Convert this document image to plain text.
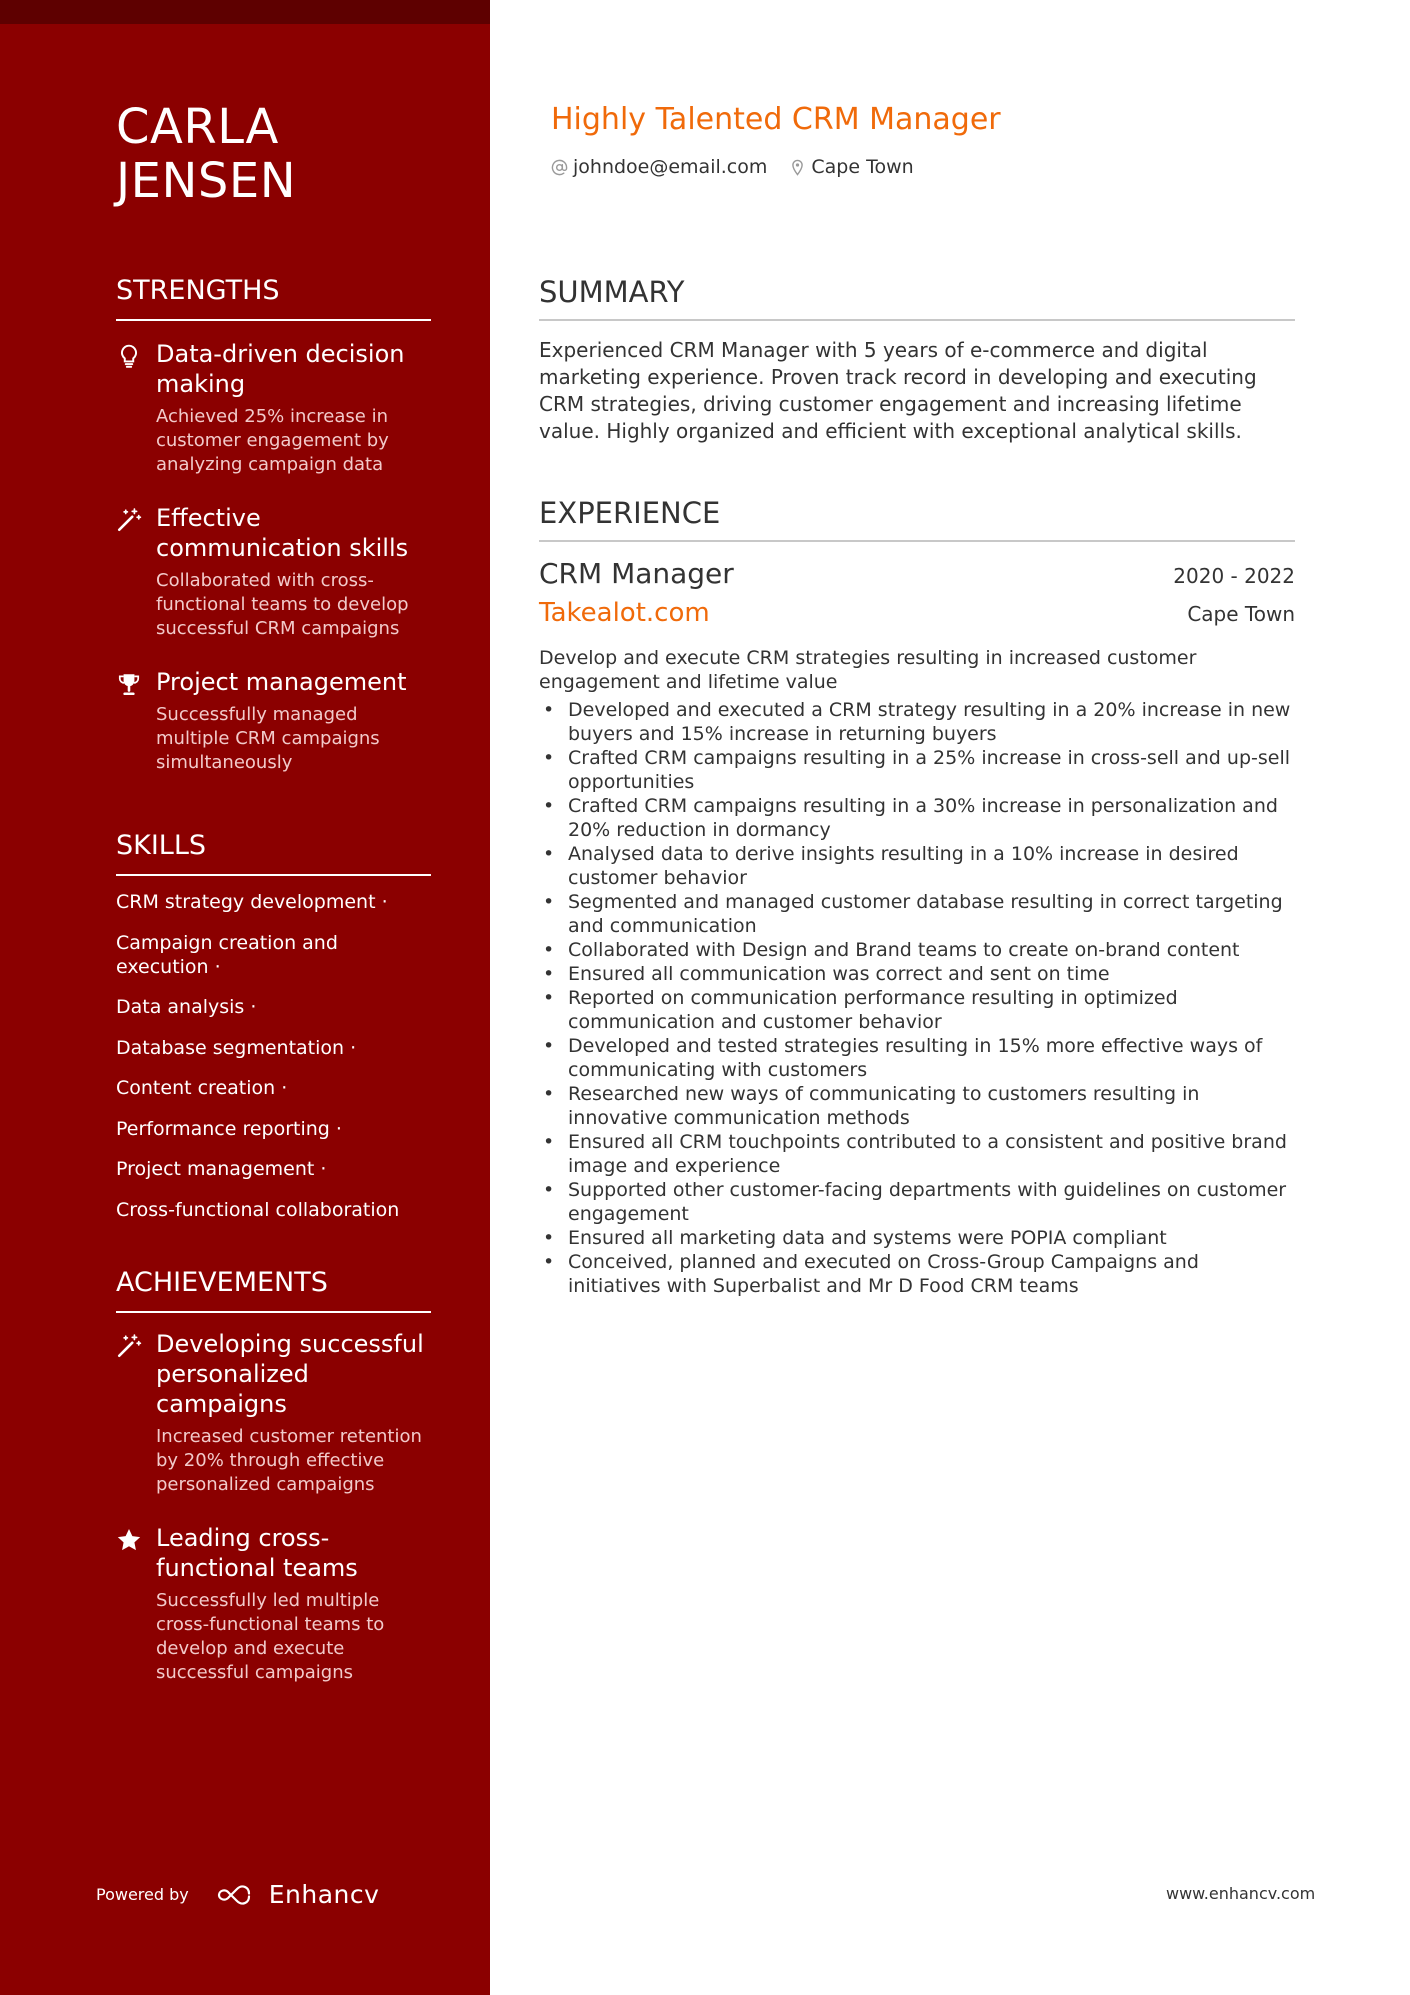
CARLA
JENSEN
STRENGTHS
Data-driven decision making
Achieved 25% increase in customer engagement by analyzing campaign data
Effective communication skills
Collaborated with cross-functional teams to develop successful CRM campaigns
Project management
Successfully managed multiple CRM campaigns simultaneously
SKILLS
CRM strategy development ·
Campaign creation and execution ·
Data analysis ·
Database segmentation ·
Content creation ·
Performance reporting ·
Project management ·
Cross-functional collaboration
ACHIEVEMENTS
Developing successful personalized campaigns
Increased customer retention by 20% through effective personalized campaigns
Leading cross-functional teams
Successfully led multiple cross-functional teams to develop and execute successful campaigns
Powered by	Enhancv
Highly Talented CRM Manager
johndoe@email.com Cape Town
SUMMARY
Experienced CRM Manager with 5 years of e-commerce and digital marketing experience. Proven track record in developing and executing CRM strategies, driving customer engagement and increasing lifetime value. Highly organized and efficient with exceptional analytical skills.
EXPERIENCE
CRM Manager	2020 - 2022
Takealot.com	Cape Town
Develop and execute CRM strategies resulting in increased customer engagement and lifetime value
• Developed and executed a CRM strategy resulting in a 20% increase in new buyers and 15% increase in returning buyers
• Crafted CRM campaigns resulting in a 25% increase in cross-sell and up-sell opportunities
• Crafted CRM campaigns resulting in a 30% increase in personalization and 20% reduction in dormancy
• Analysed data to derive insights resulting in a 10% increase in desired customer behavior
• Segmented and managed customer database resulting in correct targeting and communication
• Collaborated with Design and Brand teams to create on-brand content
• Ensured all communication was correct and sent on time
• Reported on communication performance resulting in optimized communication and customer behavior
• Developed and tested strategies resulting in 15% more effective ways of communicating with customers
• Researched new ways of communicating to customers resulting in innovative communication methods
• Ensured all CRM touchpoints contributed to a consistent and positive brand image and experience
• Supported other customer-facing departments with guidelines on customer engagement
• Ensured all marketing data and systems were POPIA compliant
• Conceived, planned and executed on Cross-Group Campaigns and initiatives with Superbalist and Mr D Food CRM teams
www.enhancv.com
